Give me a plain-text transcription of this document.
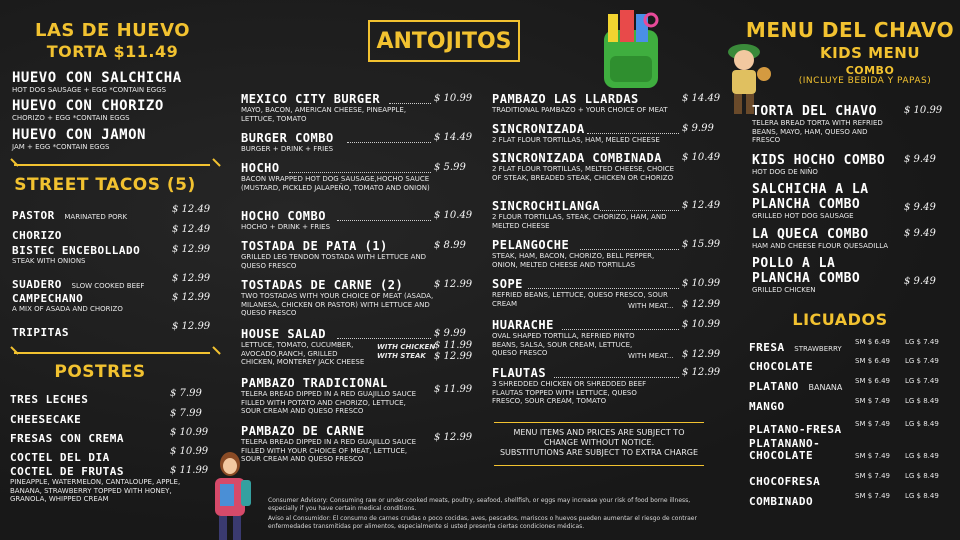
LAS DE HUEVO
TORTA $11.49
HUEVO CON SALCHICHA
HOT DOG SAUSAGE + EGG *CONTAIN EGGS
HUEVO CON CHORIZO
CHORIZO + EGG *CONTAIN EGGS
HUEVO CON JAMON
JAM + EGG *CONTAIN EGGS
STREET TACOS (5)
PASTOR MARINATED PORK
$ 12.49
CHORIZO	$ 12.49
BISTEC ENCEBOLLADO
STEAK WITH ONIONS
$ 12.99
SUADERO SLOW COOKED BEEF
$ 12.99
CAMPECHANO
A MIX OF ASADA AND CHORIZO
$ 12.99
TRIPITAS	$ 12.99
POSTRES
TRES LECHES	$ 7.99
CHEESECAKE	$ 7.99
FRESAS CON CREMA	$ 10.99
COCTEL DEL DIA	$ 10.99
COCTEL DE FRUTAS
PINEAPPLE, WATERMELON, CANTALOUPE, APPLE, BANANA, STRAWBERRY TOPPED WITH HONEY, GRANOLA, WHIPPED CREAM
$ 11.99
ANTOJITOS
MEXICO CITY BURGER
MAYO, BACON, AMERICAN CHEESE, PINEAPPLE, LETTUCE, TOMATO
$ 10.99
BURGER COMBO
BURGER + DRINK + FRIES
$ 14.49
HOCHO
BACON WRAPPED HOT DOG SAUSAGE,HOCHO SAUCE (MUSTARD, PICKLED JALAPEÑO, TOMATO AND ONION)
$ 5.99
HOCHO COMBO
HOCHO + DRINK + FRIES
$ 10.49
TOSTADA DE PATA (1)
GRILLED LEG TENDON TOSTADA WITH LETTUCE AND QUESO FRESCO
$ 8.99
TOSTADAS DE CARNE (2)
TWO TOSTADAS WITH YOUR CHOICE OF MEAT (ASADA, MILANESA, CHICKEN OR PASTOR) WITH LETTUCE AND QUESO FRESCO
$ 12.99
HOUSE SALAD
LETTUCE, TOMATO, CUCUMBER, AVOCADO,RANCH, GRILLED CHICKEN, MONTEREY JACK CHEESE
$ 9.99
WITH CHICKEN
$ 11.99
WITH STEAK $ 12.99
PAMBAZO TRADICIONAL
TELERA BREAD DIPPED IN A RED GUAJILLO SAUCE FILLED WITH POTATO AND CHORIZO, LETTUCE, SOUR CREAM AND QUESO FRESCO
$ 11.99
PAMBAZO DE CARNE
TELERA BREAD DIPPED IN A RED GUAJILLO SAUCE FILLED WITH YOUR CHOICE OF MEAT, LETTUCE, SOUR CREAM AND QUESO FRESCO
$ 12.99
PAMBAZO LAS LLARDAS
TRADITIONAL PAMBAZO + YOUR CHOICE OF MEAT
$ 14.49
SINCRONIZADA
2 FLAT FLOUR TORTILLAS, HAM, MELED CHEESE
$ 9.99
SINCRONIZADA COMBINADA
2 FLAT FLOUR TORTILLAS, MELTED CHEESE, CHOICE OF STEAK, BREADED STEAK, CHICKEN OR CHORIZO
$ 10.49
SINCROCHILANGA
2 FLOUR TORTILLAS, STEAK, CHORIZO, HAM, AND MELTED CHEESE
$ 12.49
PELANGOCHE
STEAK, HAM, BACON, CHORIZO, BELL PEPPER, ONION, MELTED CHEESE AND TORTILLAS
$ 15.99
SOPE
REFRIED BEANS, LETTUCE, QUESO FRESCO, SOUR CREAM
$ 10.99
WITH MEAT... $ 12.99
HUARACHE
OVAL SHAPED TORTILLA, REFRIED PINTO BEANS, SALSA, SOUR CREAM, LETTUCE, QUESO FRESCO
$ 10.99
WITH MEAT... $ 12.99
FLAUTAS
3 SHREDDED CHICKEN OR SHREDDED BEEF FLAUTAS TOPPED WITH LETTUCE, QUESO FRESCO, SOUR CREAM, TOMATO
$ 12.99
MENU ITEMS AND PRICES ARE SUBJECT TO
CHANGE WITHOUT NOTICE.
SUBSTITUTIONS ARE SUBJECT TO EXTRA CHARGE
Consumer Advisory: Consuming raw or under-cooked meats, poultry, seafood, shellfish, or eggs may increase your risk of food borne illness, especially if you have certain medical conditions.
Aviso al Consumidor: El consumo de carnes crudas o poco cocidas, aves, pescados, mariscos o huevos pueden aumentar el riesgo de contraer enfermedades transmitidas por alimentos, especialmente si usted presenta ciertas condiciones médicas.
MENU DEL CHAVO
KIDS MENU
COMBO
(INCLUYE BEBIDA Y PAPAS)
TORTA DEL CHAVO
TELERA BREAD TORTA WITH REFRIED BEANS, MAYO, HAM, QUESO AND FRESCO
$ 10.99
KIDS HOCHO COMBO
HOT DOG DE NIÑO
$ 9.49
SALCHICHA A LA PLANCHA COMBO
GRILLED HOT DOG SAUSAGE
$ 9.49
LA QUECA COMBO
HAM AND CHEESE FLOUR QUESADILLA
$ 9.49
POLLO A LA PLANCHA COMBO
GRILLED CHICKEN
$ 9.49
LICUADOS
FRESA STRAWBERRY
SM $ 6.49 LG $ 7.49
CHOCOLATE	SM $ 6.49 LG $ 7.49
PLATANO BANANA
SM $ 6.49 LG $ 7.49
MANGO	SM $ 7.49 LG $ 8.49
PLATANO-FRESA SM $ 7.49 LG $ 8.49
PLATANANO-CHOCOLATE	SM $ 7.49 LG $ 8.49
CHOCOFRESA	SM $ 7.49 LG $ 8.49
COMBINADO	SM $ 7.49 LG $ 8.49
